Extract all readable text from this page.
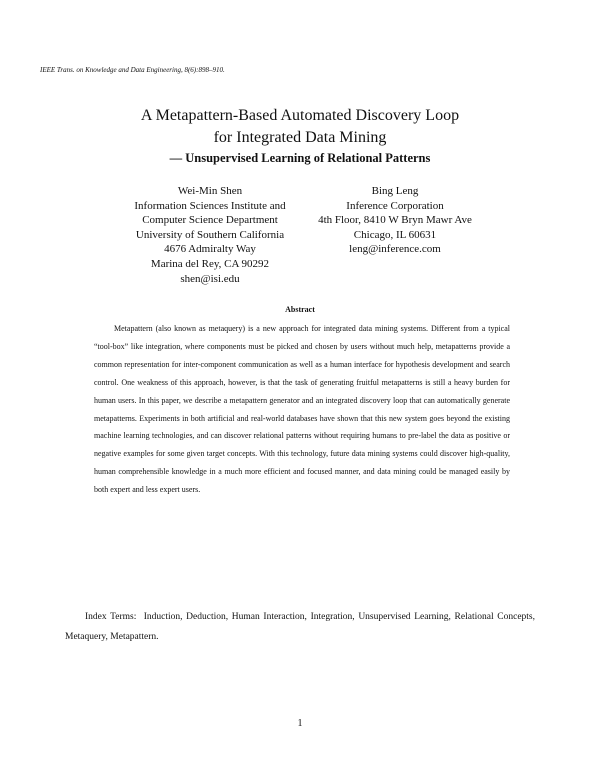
IEEE Trans. on Knowledge and Data Engineering, 8(6):898–910.
A Metapattern-Based Automated Discovery Loop
for Integrated Data Mining
— Unsupervised Learning of Relational Patterns
Wei-Min Shen
Information Sciences Institute and
Computer Science Department
University of Southern California
4676 Admiralty Way
Marina del Rey, CA 90292
shen@isi.edu
Bing Leng
Inference Corporation
4th Floor, 8410 W Bryn Mawr Ave
Chicago, IL 60631
leng@inference.com
Abstract

Metapattern (also known as metaquery) is a new approach for integrated data mining systems. Different from a typical “tool-box” like integration, where components must be picked and chosen by users without much help, metapatterns provide a common representation for inter-component communication as well as a human interface for hypothesis development and search control. One weakness of this approach, however, is that the task of generating fruitful metapatterns is still a heavy burden for human users. In this paper, we describe a metapattern generator and an integrated discovery loop that can automatically generate metapatterns. Experiments in both artificial and real-world databases have shown that this new system goes beyond the existing machine learning technologies, and can discover relational patterns without requiring humans to pre-label the data as positive or negative examples for some given target concepts. With this technology, future data mining systems could discover high-quality, human comprehensible knowledge in a much more efficient and focused manner, and data mining could be managed easily by both expert and less expert users.

Index Terms: Induction, Deduction, Human Interaction, Integration, Unsupervised Learning, Relational Concepts, Metaquery, Metapattern.

1
